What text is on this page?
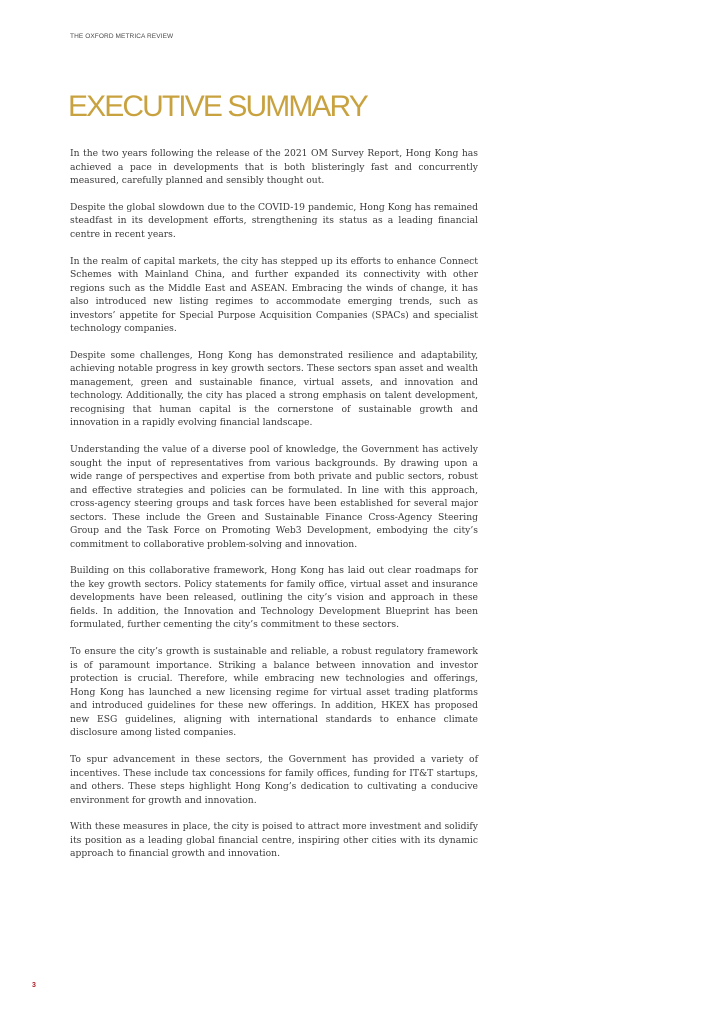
THE OXFORD METRICA REVIEW
EXECUTIVE SUMMARY

In the two years following the release of the 2021 OM Survey Report, Hong Kong has achieved a pace in developments that is both blisteringly fast and concurrently measured, carefully planned and sensibly thought out.

Despite the global slowdown due to the COVID-19 pandemic, Hong Kong has remained steadfast in its development efforts, strengthening its status as a leading financial centre in recent years.

In the realm of capital markets, the city has stepped up its efforts to enhance Connect Schemes with Mainland China, and further expanded its connectivity with other regions such as the Middle East and ASEAN. Embracing the winds of change, it has also introduced new listing regimes to accommodate emerging trends, such as investors’ appetite for Special Purpose Acquisition Companies (SPACs) and specialist technology companies.

Despite some challenges, Hong Kong has demonstrated resilience and adaptability, achieving notable progress in key growth sectors. These sectors span asset and wealth management, green and sustainable finance, virtual assets, and innovation and technology. Additionally, the city has placed a strong emphasis on talent development, recognising that human capital is the cornerstone of sustainable growth and innovation in a rapidly evolving financial landscape.

Understanding the value of a diverse pool of knowledge, the Government has actively sought the input of representatives from various backgrounds. By drawing upon a wide range of perspectives and expertise from both private and public sectors, robust and effective strategies and policies can be formulated. In line with this approach, cross-agency steering groups and task forces have been established for several major sectors. These include the Green and Sustainable Finance Cross-Agency Steering Group and the Task Force on Promoting Web3 Development, embodying the city’s commitment to collaborative problem-solving and innovation.

Building on this collaborative framework, Hong Kong has laid out clear roadmaps for the key growth sectors. Policy statements for family office, virtual asset and insurance developments have been released, outlining the city’s vision and approach in these fields. In addition, the Innovation and Technology Development Blueprint has been formulated, further cementing the city’s commitment to these sectors.

To ensure the city’s growth is sustainable and reliable, a robust regulatory framework is of paramount importance. Striking a balance between innovation and investor protection is crucial. Therefore, while embracing new technologies and offerings, Hong Kong has launched a new licensing regime for virtual asset trading platforms and introduced guidelines for these new offerings. In addition, HKEX has proposed new ESG guidelines, aligning with international standards to enhance climate disclosure among listed companies.

To spur advancement in these sectors, the Government has provided a variety of incentives. These include tax concessions for family offices, funding for IT&T startups, and others. These steps highlight Hong Kong’s dedication to cultivating a conducive environment for growth and innovation.

With these measures in place, the city is poised to attract more investment and solidify its position as a leading global financial centre, inspiring other cities with its dynamic approach to financial growth and innovation.

3
